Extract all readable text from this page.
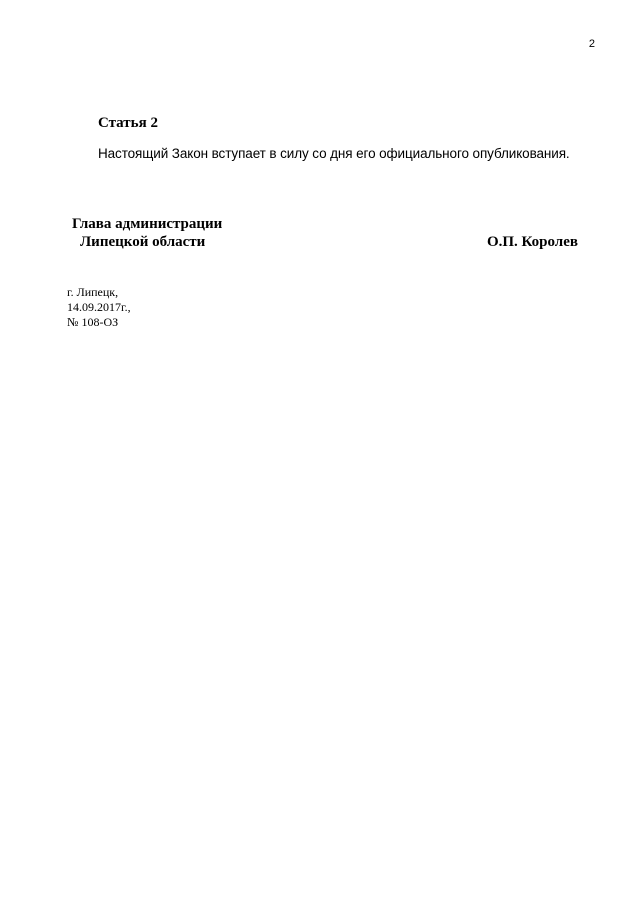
2
Статья 2
Настоящий Закон вступает в силу со дня его официального опубликования.
Глава администрации
Липецкой области	О.П. Королев
г. Липецк,
14.09.2017г.,
№ 108-ОЗ
